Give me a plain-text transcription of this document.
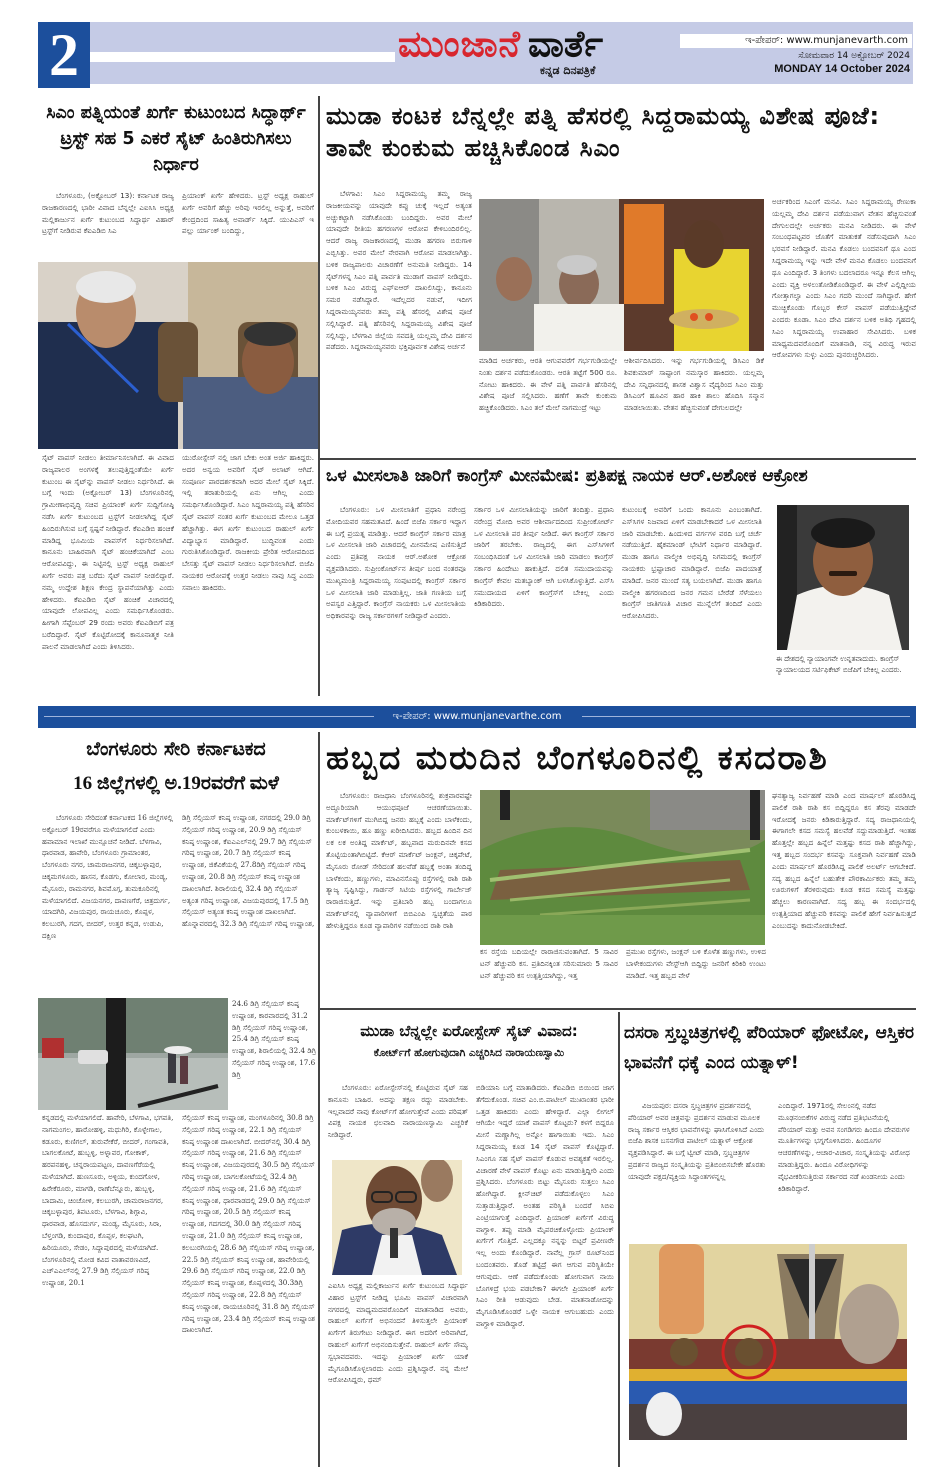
2	ಮುಂಜಾನೆ ವಾರ್ತೆ
ಕನ್ನಡ ದಿನಪತ್ರಿಕೆ
ಇ-ಪೇಪರ್: www.munjanevarth.com
ಸೋಮವಾರ 14 ಅಕ್ಟೋಬರ್ 2024
MONDAY 14 October 2024
ಸಿಎಂ ಪತ್ನಿಯಂತೆ ಖರ್ಗೆ ಕುಟುಂಬದ ಸಿದ್ಧಾರ್ಥ್ ಟ್ರಸ್ಟ್ ಸಹ 5 ಎಕರೆ ಸೈಟ್ ಹಿಂತಿರುಗಿಸಲು ನಿರ್ಧಾರ

ಬೆಂಗಳೂರು, (ಅಕ್ಟೋಬರ್ 13): ಕರ್ನಾಟಕ ರಾಜ್ಯ ರಾಜಕಾರಣದಲ್ಲಿ ಭಾರೀ ವಿವಾದ ಬೆನ್ನಲ್ಲೇ ಎಐಸಿಸಿ ಅಧ್ಯಕ್ಷ ಮಲ್ಲಿಕಾರ್ಜುನ ಖರ್ಗೆ ಕುಟುಂಬದ ಸಿದ್ಧಾರ್ಥ ವಿಹಾರ್ ಟ್ರಸ್ಟ್‌ಗೆ ನೀಡಿರುವ ಕೆಐಎಡಿಬಿ ಸಿಎ

ಪ್ರಿಯಾಂಕ್ ಖರ್ಗೆ ಹೇಳಿದರು. ಟ್ರಸ್ಟ್ ಅಧ್ಯಕ್ಷ ರಾಹುಲ್ ಖರ್ಗೆ ಅವರಿಗೆ ಹೆಚ್ಚು ಅರಿವು ಇರಲಿಲ್ಲ ಅನ್ನುತ್ತೆ, ಅವರಿಗೆ ಕೇಂದ್ರದಿಂದ ಸಾಹಿತ್ಯ ಅವಾರ್ಡ್ ಸಿಕ್ಕಿದೆ. ಯುಪಿಎಸ್ ಇ ಪಲ್ಲು ರ್ಯಾಂಕ್ ಬಂದಿದ್ದು,

ಸೈಟ್ ವಾಪಸ್ ನೀಡಲು ತೀರ್ಮಾನಿಸಲಾಗಿದೆ. ಈ ವಿವಾದ ರಾಜ್ಯಪಾಲರ ಅಂಗಳಕ್ಕೆ ತಲುಪುತ್ತಿದ್ದಂತೆಯೇ ಖರ್ಗೆ ಕುಟುಂಬ ಈ ಸೈಟ್‌ನ್ನು ವಾಪಸ್ ನೀಡಲು ನಿರ್ಧರಿಸಿದೆ. ಈ ಬಗ್ಗೆ ಇಂದು (ಅಕ್ಟೋಬರ್ 13) ಬೆಂಗಳೂರಿನಲ್ಲಿ ಗ್ರಾಮೀಣಾಭಿವೃದ್ಧಿ ಸಚಿವ ಪ್ರಿಯಾಂಕ್ ಖರ್ಗೆ ಸುದ್ದಿಗೋಷ್ಠಿ ನಡೆಸಿ ಖರ್ಗೆ ಕುಟುಂಬದ ಟ್ರಸ್ಟ್‌ಗೆ ನೀಡಲಾಗಿದ್ದ ಸೈಟ್ ಹಿಂದಿರುಗಿಸುವ ಬಗ್ಗೆ ಸ್ಪಷ್ಟನೆ ನೀಡಿದ್ದಾರೆ. ಕೆಐಎಡಿಬಿ ಹಂಚಿಕೆ ಮಾಡಿದ್ದ ಭೂಮಿಯ ವಾಪಸ್‌ಗೆ ನಿರ್ಧರಿಸಲಾಗಿದೆ. ಕಾನೂನು ಬಾಹಿರವಾಗಿ ಸೈಟ್ ಹಂಚಿಕೆಯಾಗಿದೆ ಎಂಬ ಆರೋಪವಿದ್ದು, ಈ ನಿಟ್ಟಿನಲ್ಲಿ ಟ್ರಸ್ಟ್ ಅಧ್ಯಕ್ಷ ರಾಹುಲ್ ಖರ್ಗೆ ಅವರು ಪತ್ರ ಬರೆದು ಸೈಟ್ ವಾಪಸ್ ನೀಡಲಿದ್ದಾರೆ. ನಮ್ಮ ಉದ್ದೇಶ ಶಿಕ್ಷಣ ಕೇಂದ್ರ ಸ್ಥಾಪನೆಯಾಗಿತ್ತು ಎಂದು ಹೇಳಿದರು. ಕೆಐಎಡಿಬಿ ಸೈಟ್ ಹಂಚಿಕೆ ವಿಚಾರದಲ್ಲಿ ಯಾವುದೇ ಲೋಪವಿಲ್ಲ ಎಂದು ಸಮರ್ಥಿಸಿಕೊಂಡರು. ಹೀಗಾಗಿ ಸೆಪ್ಟೆಂಬರ್ 29 ರಂದು ಅವರು ಕೆಐಎಡಿಬಿಗೆ ಪತ್ರ ಬರೆದಿದ್ದಾರೆ. ಸೈಟ್ ಕೊಟ್ಟಿರೋದಕ್ಕೆ ಕಾನೂನಾತ್ಮಕ ನೀತಿ ಪಾಲನೆ ಮಾಡಲಾಗಿದೆ ಎಂದು ತಿಳಿಸಿದರು.

ಯುರೋಸ್ಪೇಸ್ ನಲ್ಲಿ ಜಾಗ ಬೇಕು ಅಂತ ಅರ್ಜಿ ಹಾಕಿದ್ದರು. ಅದರ ಅನ್ವಯ ಅವರಿಗೆ ಸೈಟ್ ಅಲಾಟ್ ಆಗಿದೆ. ಸಂಪೂರ್ಣ ಪಾರದರ್ಶಕವಾಗಿ ಅದರ ಮೇಲೆ ಸೈಟ್ ಸಿಕ್ಕಿದೆ. ಇಲ್ಲಿ ತರಾತುರಿಯಲ್ಲಿ ಏನು ಆಗಿಲ್ಲ ಎಂದು ಸಮರ್ಥಿಸಿಕೊಂಡಿದ್ದಾರೆ. ಸಿಎಂ ಸಿದ್ದರಾಮಯ್ಯ ಪತ್ನಿ ಹೆಸರಿನ ಸೈಟ್ ವಾಪಸ್ ನಂತರ ಖರ್ಗೆ ಕುಟುಂಬದ ಮೇಲೂ ಒತ್ತಡ ಹೆಚ್ಚಾಗಿತ್ತು. ಈಗ ಖರ್ಗೆ ಕುಟುಂಬದ ರಾಹುಲ್ ಖರ್ಗೆ ವಿದ್ಯಾಭ್ಯಾಸ ಮಾಡಿದ್ದಾರೆ. ಬುದ್ಧಿವಂತ ಎಂದು ಗುರುತಿಸಿಕೊಂಡಿದ್ದಾರೆ. ರಾಜಕೀಯ ಪ್ರೇರಿತ ಆರೋಪದಿಂದ ಬೇಸತ್ತು ಸೈಟ್ ವಾಪಸ್ ನೀಡಲು ನಿರ್ಧರಿಸಲಾಗಿದೆ. ಬಿಜೆಪಿ ನಾಯಕರ ಆರೋಪಕ್ಕೆ ಉತ್ತರ ನೀಡಲು ನಾವು ಸಿದ್ಧ ಎಂದು ಸವಾಲು ಹಾಕಿದರು.

ಮುಡಾ ಕಂಟಕ ಬೆನ್ನಲ್ಲೇ ಪತ್ನಿ ಹೆಸರಲ್ಲಿ ಸಿದ್ದರಾಮಯ್ಯ ವಿಶೇಷ ಪೂಜೆ: ತಾವೇ ಕುಂಕುಮ ಹಚ್ಚಿಸಿಕೊಂಡ ಸಿಎಂ

ಬೆಳಗಾವಿ: ಸಿಎಂ ಸಿದ್ದರಾಮಯ್ಯ ತಮ್ಮ ರಾಜ್ಯ ರಾಜಕೀಯವನ್ನು ಯಾವುದೇ ಕಪ್ಪು ಚುಕ್ಕೆ ಇಲ್ಲದೆ ಅತ್ಯಂತ ಅಚ್ಚುಕಟ್ಟಾಗಿ ನಡೆಸಿಕೊಂಡು ಬಂದಿದ್ದರು. ಅವರ ಮೇಲೆ ಯಾವುದೇ ರೀತಿಯ ಹಗರಣಗಳ ಆರೋಪ ಕೇಳಿಬಂದಿರಲಿಲ್ಲ. ಆದರೆ ರಾಜ್ಯ ರಾಜಕಾರಣದಲ್ಲಿ ಮುಡಾ ಹಗರಣ ಬಿರುಗಾಳಿ ಎಬ್ಬಿಸಿತ್ತು. ಅವರ ಮೇಲೆ ನೇರವಾಗಿ ಆರೋಪ ಮಾಡಲಾಗಿತ್ತು. ಬಳಿಕ ರಾಜ್ಯಪಾಲರು ವಿಚಾರಣೆಗೆ ಅನುಮತಿ ನೀಡಿದ್ದರು. 14 ಸೈಟ್‌ಗಳನ್ನ ಸಿಎಂ ಪತ್ನಿ ಪಾರ್ವತಿ ಮುಡಾಗೆ ವಾಪಸ್ ನೀಡಿದ್ದರು. ಬಳಿಕ ಸಿಎಂ ವಿರುದ್ಧ ಎಫ್‌ಐಆರ್ ದಾಖಲಿಸಿದ್ದು, ಕಾನೂನು ಸಮರ ನಡೆಸಿದ್ದಾರೆ. ಇದೆಲ್ಲದರ ನಡುವೆ, ಇದೀಗ ಸಿದ್ದರಾಮಯ್ಯನವರು ತಮ್ಮ ಪತ್ನಿ ಹೆಸರಲ್ಲಿ ವಿಶೇಷ ಪೂಜೆ ಸಲ್ಲಿಸಿದ್ದಾರೆ. ಪತ್ನಿ ಹೆಸರಿನಲ್ಲಿ ಸಿದ್ದರಾಮಯ್ಯ ವಿಶೇಷ ಪೂಜೆ ಸಲ್ಲಿಸಿದ್ದು, ಬೆಳಗಾವಿ ಜಿಲ್ಲೆಯ ಸವದತ್ತಿ ಯಲ್ಲಮ್ಮ ದೇವಿ ದರ್ಶನ ಪಡೆದರು. ಸಿದ್ದರಾಮಯ್ಯನವರು ಭಕ್ತಿಪೂರ್ವಕ ವಿಶೇಷ ಅರ್ಚನೆ

ಮಾಡಿದ ಅರ್ಚಕರು, ಆರತಿ ಆಗುವವರೆಗೆ ಗರ್ಭಗುಡಿಯಲ್ಲೇ ನಿಂತು ದರ್ಶನ ಪಡೆದುಕೊಂಡರು. ಆರತಿ ತಟ್ಟೆಗೆ 500 ರೂ. ನೋಟು ಹಾಕಿದರು. ಈ ವೇಳೆ ಪತ್ನಿ ಪಾರ್ವತಿ ಹೆಸರಿನಲ್ಲಿ ವಿಶೇಷ ಪೂಜೆ ಸಲ್ಲಿಸಿದರು. ಹಣೆಗೆ ತಾವೇ ಕುಂಕುಮ ಹಚ್ಚಿಕೊಂಡಿದರು. ಸಿಎಂ ತಲೆ ಮೇಲೆ ನಾಗಮುದ್ರೆ ಇಟ್ಟು

ಆಶೀರ್ವದಿಸಿದರು. ಇನ್ನು ಗರ್ಭಗುಡಿಯಲ್ಲಿ ಡಿಸಿಎಂ ಡಿಕೆ ಶಿವಕುಮಾರ್ ಸಾಷ್ಟಾಂಗ ನಮಸ್ಕಾರ ಹಾಕಿದರು. ಯಲ್ಲಮ್ಮ ದೇವಿ ಸನ್ನಿಧಾನದಲ್ಲಿ ಶಾಸಕ ವಿಶ್ವಾಸ ವೈದ್ಯರಿಂದ ಸಿಎಂ ಮತ್ತು ಡಿಸಿಎಂಗೆ ಹೂವಿನ ಹಾರ ಹಾಕಿ ಶಾಲು ಹೊದಿಸಿ ಸನ್ಮಾನ ಮಾಡಲಾಯಿತು. ವೇತನ ಹೆಚ್ಚಿಸುವಂತೆ ದೇಗುಲದಲ್ಲೇ

ಅರ್ಚಕರಿಂದ ಸಿಎಂಗೆ ಮನವಿ. ಸಿಎಂ ಸಿದ್ದರಾಮಯ್ಯ ರೇಣುಕಾ ಯಲ್ಲಮ್ಮ ದೇವಿ ದರ್ಶನ ಪಡೆಯುವಾಗ ವೇತನ ಹೆಚ್ಚಿಸುವಂತೆ ದೇಗುಲದಲ್ಲೇ ಅರ್ಚಕರು ಮನವಿ ನೀಡಿದರು. ಈ ವೇಳೆ ಸಂಬಂಧಪಟ್ಟವರ ಜೊತೆಗೆ ಮಾತುಕತೆ ನಡೆಸುವುದಾಗಿ ಸಿಎಂ ಭರವಸೆ ನೀಡಿದ್ದಾರೆ. ಮನವಿ ಕೊಡಲು ಬಂದವನಿಗೆ ಥೂ ಎಂದ ಸಿದ್ದರಾಮಯ್ಯ ಇನ್ನು ಇದೇ ವೇಳೆ ಮನವಿ ಕೊಡಲು ಬಂದವನಿಗೆ ಥೂ ಎಂದಿದ್ದಾರೆ. 3 ತಿಂಗಳು ಬದಲಾದರೂ ಇನ್ನೂ ಕೆಲಸ ಆಗಿಲ್ಲ ಎಂದು ವ್ಯಕ್ತಿ ಅಳಲುತೋಡಿಕೊಂಡಿದ್ದಾರೆ. ಈ ವೇಳೆ ಎಲ್ಲಿದ್ದೀಯ ಗೋತ್ತಾಗಲ್ವಾ ಎಂದು ಸಿಎಂ ಗದರಿ ಮುಂದೆ ಸಾಗಿದ್ದಾರೆ. ಹೇಗೆ ಮುಚ್ಚಿಕೊಂಡು ಗೊಬ್ಬರ ಕೇಸ್ ವಾಪಸ್ ಪಡೆಯುತ್ತಿದ್ದೇವೆ ಎಂದರು ಕೂಡಾ. ಸಿಎಂ ದೇವಿ ದರ್ಶನ ಬಳಿಕ ಅತಿಥಿ ಗೃಹದಲ್ಲಿ ಸಿಎಂ ಸಿದ್ದರಾಮಯ್ಯ ಉಪಾಹಾರ ಸೇವಿಸಿದರು. ಬಳಿಕ ಮಾಧ್ಯಮದವರೊಂದಿಗೆ ಮಾತನಾಡಿ, ನನ್ನ ವಿರುದ್ಧ ಇರುವ ಆರೋಪಗಳು ಸುಳ್ಳು ಎಂದು ಪುನರುಚ್ಚರಿಸಿದರು.

ಒಳ ಮೀಸಲಾತಿ ಜಾರಿಗೆ ಕಾಂಗ್ರೆಸ್ ಮೀನಮೇಷ: ಪ್ರತಿಪಕ್ಷ ನಾಯಕ ಆರ್.ಅಶೋಕ ಆಕ್ರೋಶ

ಬೆಂಗಳೂರು: ಒಳ ಮೀಸಲಾತಿಗೆ ಪ್ರಧಾನಿ ನರೇಂದ್ರ ಮೋದಿಯವರ ಸಹಮತವಿದೆ. ಹಿಂದೆ ಬಿಜೆಪಿ ಸರ್ಕಾರ ಇದ್ದಾಗ ಈ ಬಗ್ಗೆ ಪ್ರಯತ್ನ ಮಾಡಿತ್ತು. ಆದರೆ ಕಾಂಗ್ರೆಸ್ ಸರ್ಕಾರ ಮಾತ್ರ ಒಳ ಮೀಸಲಾತಿ ಜಾರಿ ವಿಚಾರದಲ್ಲಿ ಮೀನಮೇಷ ಎಣಿಸುತ್ತಿದೆ ಎಂದು ಪ್ರತಿಪಕ್ಷ ನಾಯಕ ಆರ್.ಅಶೋಕ ಆಕ್ರೋಶ ವ್ಯಕ್ತಪಡಿಸಿದರು. ಸುಪ್ರೀಂಕೋರ್ಟ್‌ನ ತೀರ್ಪು ಬಂದ ನಂತರವೂ ಮುಖ್ಯಮಂತ್ರಿ ಸಿದ್ದರಾಮಯ್ಯ ಸಂಪುಟದಲ್ಲಿ ಕಾಂಗ್ರೆಸ್ ಸರ್ಕಾರ ಒಳ ಮೀಸಲಾತಿ ಜಾರಿ ಮಾಡುತ್ತಿಲ್ಲ. ಜಾತಿ ಗಣತಿಯ ಬಗ್ಗೆ ಅಪಸ್ವರ ಎತ್ತಿದ್ದಾರೆ. ಕಾಂಗ್ರೆಸ್ ನಾಯಕರು ಒಳ ಮೀಸಲಾತಿಯ ಅಧಿಕಾರವನ್ನು ರಾಜ್ಯ ಸರ್ಕಾರಗಳಿಗೆ ನೀಡಿದ್ದಾರೆ ಎಂದರು.

ಸರ್ಕಾರ ಒಳ ಮೀಸಲಾತಿಯನ್ನು ಜಾರಿಗೆ ತಂದಿತ್ತು. ಪ್ರಧಾನಿ ನರೇಂದ್ರ ಮೋದಿ ಅವರ ಆಶೀರ್ವಾದದಿಂದ ಸುಪ್ರೀಂಕೋರ್ಟ್ ಒಳ ಮೀಸಲಾತಿ ಪರ ತೀರ್ಪು ನೀಡಿದೆ. ಈಗ ಕಾಂಗ್ರೆಸ್ ಸರ್ಕಾರ ಜಾರಿಗೆ ತರಬೇಕು. ರಾಜ್ಯದಲ್ಲಿ ಈಗ ಎಸ್‌ಸಿಗಳಿಗೆ ಸಂಬಂಧಿಸಿದಂತೆ ಒಳ ಮೀಸಲಾತಿ ಜಾರಿ ಮಾಡಲು ಕಾಂಗ್ರೆಸ್ ಸರ್ಕಾರ ಹಿಂದೇಟು ಹಾಕುತ್ತಿದೆ. ದಲಿತ ಸಮುದಾಯವನ್ನು ಕಾಂಗ್ರೆಸ್ ಕೇವಲ ಮತಬ್ಯಾಂಕ್ ಆಗಿ ಬಳಸಿಕೊಳ್ಳುತ್ತಿದೆ. ಎಸ್‌ಸಿ ಸಮುದಾಯದ ಏಳಿಗೆ ಕಾಂಗ್ರೆಸ್‌ಗೆ ಬೇಕಿಲ್ಲ ಎಂದು ಕಿಡಿಕಾರಿದರು.

ಕುಟುಂಬಕ್ಕೆ ಅವರಿಗೆ ಒಂದು ಕಾನೂನು ಎಂಬಂತಾಗಿದೆ. ಎಸ್‌ಸಿಗಳ ನಿಜವಾದ ಏಳಿಗೆ ಮಾಡಬೇಕಾದರೆ ಒಳ ಮೀಸಲಾತಿ ಜಾರಿ ಮಾಡಬೇಕು. ಹಿಂದುಳಿದ ವರ್ಗಗಳ ವರದಿ ಬಗ್ಗೆ ಚರ್ಚೆ ನಡೆಯುತ್ತಿದೆ. ಹೈಕಮಾಂಡ್ ಭೇಟಿಗೆ ನಿರ್ಧಾರ ಮಾಡಿದ್ದಾರೆ. ಮುಡಾ ಹಾಗೂ ವಾಲ್ಮೀಕಿ ಅಭಿವೃದ್ಧಿ ನಿಗಮದಲ್ಲಿ ಕಾಂಗ್ರೆಸ್ ನಾಯಕರು ಭ್ರಷ್ಟಾಚಾರ ಮಾಡಿದ್ದಾರೆ. ಬಿಜೆಪಿ ಪಾದಯಾತ್ರೆ ಮಾಡಿದೆ. ಜನರ ಮುಂದೆ ಸತ್ಯ ಬಯಲಾಗಿದೆ. ಮುಡಾ ಹಾಗೂ ವಾಲ್ಮೀಕಿ ಹಗರಣದಿಂದ ಜನರ ಗಮನ ಬೇರೆಡೆ ಸೆಳೆಯಲು ಕಾಂಗ್ರೆಸ್ ಜಾತಿಗಣತಿ ವಿಚಾರ ಮುನ್ನೆಲೆಗೆ ತಂದಿದೆ ಎಂದು ಆರೋಪಿಸಿದರು.

ಈ ದೇಶದಲ್ಲಿ ನ್ಯಾಯಾಂಗವೇ ಉನ್ನತವಾದುದು. ಕಾಂಗ್ರೆಸ್ ನ್ಯಾಯಾಲಯದ ಸರ್ಟಿಫಿಕೇಟ್ ಬಿಜೆಪಿಗೆ ಬೇಕಿಲ್ಲ ಎಂದರು.
ಇ-ಪೇಪರ್: www.munjanevarthe.com
ಬೆಂಗಳೂರು ಸೇರಿ ಕರ್ನಾಟಕದ
16 ಜಿಲ್ಲೆಗಳಲ್ಲಿ ಅ.19ರವರೆಗೆ ಮಳೆ

ಬೆಂಗಳೂರು ಸೇರಿದಂತೆ ಕರ್ನಾಟಕದ 16 ಜಿಲ್ಲೆಗಳಲ್ಲಿ ಅಕ್ಟೋಬರ್ 19ರವರೆಗೂ ಮಳೆಯಾಗಲಿದೆ ಎಂದು ಹವಾಮಾನ ಇಲಾಖೆ ಮುನ್ಸೂಚನೆ ನೀಡಿದೆ. ಬೆಳಗಾವಿ, ಧಾರವಾಡ, ಹಾವೇರಿ, ಬೆಂಗಳೂರು ಗ್ರಾಮಾಂತರ, ಬೆಂಗಳೂರು ನಗರ, ಚಾಮರಾಜನಗರ, ಚಿಕ್ಕಬಳ್ಳಾಪುರ, ಚಿಕ್ಕಮಗಳೂರು, ಹಾಸನ, ಕೊಡಗು, ಕೋಲಾರ, ಮಂಡ್ಯ, ಮೈಸೂರು, ರಾಮನಗರ, ಶಿವಮೊಗ್ಗ, ತುಮಕೂರಿನಲ್ಲಿ ಮಳೆಯಾಗಲಿದೆ. ವಿಜಯನಗರ, ದಾವಣಗೆರೆ, ಚಿತ್ರದುರ್ಗ, ಯಾದಗಿರಿ, ವಿಜಯಪುರ, ರಾಯಚೂರು, ಕೊಪ್ಪಳ, ಕಲಬುರಗಿ, ಗದಗ, ಬೀದರ್, ಉತ್ತರ ಕನ್ನಡ, ಉಡುಪಿ, ದಕ್ಷಿಣ

ಡಿಗ್ರಿ ಸೆಲ್ಸಿಯಸ್ ಕನಿಷ್ಠ ಉಷ್ಣಾಂಶ, ನಗರದಲ್ಲಿ 29.0 ಡಿಗ್ರಿ ಸೆಲ್ಸಿಯಸ್ ಗರಿಷ್ಠ ಉಷ್ಣಾಂಶ, 20.9 ಡಿಗ್ರಿ ಸೆಲ್ಸಿಯಸ್ ಕನಿಷ್ಠ ಉಷ್ಣಾಂಶ, ಕೆಐಎಎಲ್‌ನಲ್ಲಿ 29.7 ಡಿಗ್ರಿ ಸೆಲ್ಸಿಯಸ್ ಗರಿಷ್ಠ ಉಷ್ಣಾಂಶ, 20.7 ಡಿಗ್ರಿ ಸೆಲ್ಸಿಯಸ್ ಕನಿಷ್ಠ ಉಷ್ಣಾಂಶ, ಜಿಕೆವಿಕೆಯಲ್ಲಿ 27.8ಡಿಗ್ರಿ ಸೆಲ್ಸಿಯಸ್ ಗರಿಷ್ಠ ಉಷ್ಣಾಂಶ, 20.8 ಡಿಗ್ರಿ ಸೆಲ್ಸಿಯಸ್ ಕನಿಷ್ಠ ಉಷ್ಣಾಂಶ ದಾಖಲಾಗಿದೆ. ಶಿರಾಲಿಯಲ್ಲಿ 32.4 ಡಿಗ್ರಿ ಸೆಲ್ಸಿಯಸ್ ಅತ್ಯಂತ ಗರಿಷ್ಠ ಉಷ್ಣಾಂಶ, ವಿಜಯಪುರದಲ್ಲಿ 17.5 ಡಿಗ್ರಿ ಸೆಲ್ಸಿಯಸ್ ಅತ್ಯಂತ ಕನಿಷ್ಠ ಉಷ್ಣಾಂಶ ದಾಖಲಾಗಿದೆ. ಹೊನ್ನಾವರದಲ್ಲಿ 32.3 ಡಿಗ್ರಿ ಸೆಲ್ಸಿಯಸ್ ಗರಿಷ್ಠ ಉಷ್ಣಾಂಶ,

24.6 ಡಿಗ್ರಿ ಸೆಲ್ಸಿಯಸ್ ಕನಿಷ್ಠ ಉಷ್ಣಾಂಶ, ಕಾರವಾರದಲ್ಲಿ 31.2 ಡಿಗ್ರಿ ಸೆಲ್ಸಿಯಸ್ ಗರಿಷ್ಠ ಉಷ್ಣಾಂಶ, 25.4 ಡಿಗ್ರಿ ಸೆಲ್ಸಿಯಸ್ ಕನಿಷ್ಠ ಉಷ್ಣಾಂಶ, ಶಿರಾಲಿಯಲ್ಲಿ 32.4 ಡಿಗ್ರಿ ಸೆಲ್ಸಿಯಸ್ ಗರಿಷ್ಠ ಉಷ್ಣಾಂಶ, 17.6 ಡಿಗ್ರಿ

ಕನ್ನಡದಲ್ಲಿ ಮಳೆಯಾಗಲಿದೆ. ಹಾವೇರಿ, ಬೆಳಗಾವಿ, ಭಗವತಿ, ನಾಗಮಂಗಲ, ಹಾರೋಹಳ್ಳಿ, ಮಧುಗಿರಿ, ಕೊಳ್ಳೇಗಾಲ, ಕಡೂರು, ಕುಣಿಗಲ್, ತುರುವೇಕೆರೆ, ಬೀದರ್, ಗಂಗಾವತಿ, ಬಾಗಲಕೋಟೆ, ಹುಬ್ಬಳ್ಳಿ, ಅಳ್ನಾವರ, ಗೋಕಾಕ್, ಹರಪನಹಳ್ಳಿ, ಚನ್ನರಾಯಪಟ್ಟಣ, ದಾವಣಗೆರೆಯಲ್ಲಿ ಮಳೆಯಾಗಿದೆ. ಹುಣಸೂರು, ಅಳ್ಳಿಯ, ಕುಂದಗೋಳ, ಹಿರೇಕೆರೂರು, ಮಾಗಡಿ, ರಾಣೆಬೆನ್ನೂರು, ಹುಬ್ಬಳ್ಳಿ, ಬಾದಾಮಿ, ಚಿಂಚೋಳಿ, ಕಲಬುರಗಿ, ಚಾಮರಾಜನಗರ, ಚಿಕ್ಕಬಳ್ಳಾಪುರ, ತಿಪಟೂರು, ಬೆಳಗಾವಿ, ಶಿಗ್ಗಾವಿ, ಧಾರವಾಡ, ಹೊಸದುರ್ಗ, ಮಂಡ್ಯ, ಮೈಸೂರು, ಸಿರಾ, ಬೆಳ್ತಂಗಡಿ, ಕುಂದಾಪುರ, ಕೊಪ್ಪಳ, ಕಲಘಟಗಿ, ಹಿರಿಯೂರು, ಸೇಡಂ, ಸಿದ್ದಾಪುರದಲ್ಲಿ ಮಳೆಯಾಗಿದೆ. ಬೆಂಗಳೂರಿನಲ್ಲಿ ಮೋಡ ಕವಿದ ವಾತಾವರಣವಿದೆ, ಎಚ್‌ಎಎಲ್‌ನಲ್ಲಿ 27.9 ಡಿಗ್ರಿ ಸೆಲ್ಸಿಯಸ್ ಗರಿಷ್ಠ ಉಷ್ಣಾಂಶ, 20.1

ಸೆಲ್ಸಿಯಸ್ ಕನಿಷ್ಠ ಉಷ್ಣಾಂಶ, ಮಂಗಳೂರಿನಲ್ಲಿ 30.8 ಡಿಗ್ರಿ ಸೆಲ್ಸಿಯಸ್ ಗರಿಷ್ಠ ಉಷ್ಣಾಂಶ, 22.1 ಡಿಗ್ರಿ ಸೆಲ್ಸಿಯಸ್ ಕನಿಷ್ಠ ಉಷ್ಣಾಂಶ ದಾಖಲಾಗಿದೆ. ಬೀದರ್‌ನಲ್ಲಿ 30.4 ಡಿಗ್ರಿ ಸೆಲ್ಸಿಯಸ್ ಗರಿಷ್ಠ ಉಷ್ಣಾಂಶ, 21.6 ಡಿಗ್ರಿ ಸೆಲ್ಸಿಯಸ್ ಕನಿಷ್ಠ ಉಷ್ಣಾಂಶ, ವಿಜಯಪುರದಲ್ಲಿ 30.5 ಡಿಗ್ರಿ ಸೆಲ್ಸಿಯಸ್ ಗರಿಷ್ಠ ಉಷ್ಣಾಂಶ, ಬಾಗಲಕೋಟೆಯಲ್ಲಿ 32.4 ಡಿಗ್ರಿ ಸೆಲ್ಸಿಯಸ್ ಗರಿಷ್ಠ ಉಷ್ಣಾಂಶ, 21.6 ಡಿಗ್ರಿ ಸೆಲ್ಸಿಯಸ್ ಕನಿಷ್ಠ ಉಷ್ಣಾಂಶ, ಧಾರವಾಡದಲ್ಲಿ 29.0 ಡಿಗ್ರಿ ಸೆಲ್ಸಿಯಸ್ ಗರಿಷ್ಠ ಉಷ್ಣಾಂಶ, 20.5 ಡಿಗ್ರಿ ಸೆಲ್ಸಿಯಸ್ ಕನಿಷ್ಠ ಉಷ್ಣಾಂಶ, ಗದಗದಲ್ಲಿ 30.0 ಡಿಗ್ರಿ ಸೆಲ್ಸಿಯಸ್ ಗರಿಷ್ಠ ಉಷ್ಣಾಂಶ, 21.0 ಡಿಗ್ರಿ ಸೆಲ್ಸಿಯಸ್ ಕನಿಷ್ಠ ಉಷ್ಣಾಂಶ, ಕಲಬುರಗಿಯಲ್ಲಿ 28.6 ಡಿಗ್ರಿ ಸೆಲ್ಸಿಯಸ್ ಗರಿಷ್ಠ ಉಷ್ಣಾಂಶ, 22.5 ಡಿಗ್ರಿ ಸೆಲ್ಸಿಯಸ್ ಕನಿಷ್ಠ ಉಷ್ಣಾಂಶ, ಹಾವೇರಿಯಲ್ಲಿ 29.6 ಡಿಗ್ರಿ ಸೆಲ್ಸಿಯಸ್ ಗರಿಷ್ಠ ಉಷ್ಣಾಂಶ, 22.0 ಡಿಗ್ರಿ ಸೆಲ್ಸಿಯಸ್ ಕನಿಷ್ಠ ಉಷ್ಣಾಂಶ, ಕೊಪ್ಪಳದಲ್ಲಿ 30.3ಡಿಗ್ರಿ ಸೆಲ್ಸಿಯಸ್ ಗರಿಷ್ಠ ಉಷ್ಣಾಂಶ, 22.8 ಡಿಗ್ರಿ ಸೆಲ್ಸಿಯಸ್ ಕನಿಷ್ಠ ಉಷ್ಣಾಂಶ, ರಾಯಚೂರಿನಲ್ಲಿ 31.8 ಡಿಗ್ರಿ ಸೆಲ್ಸಿಯಸ್ ಗರಿಷ್ಠ ಉಷ್ಣಾಂಶ, 23.4 ಡಿಗ್ರಿ ಸೆಲ್ಸಿಯಸ್ ಕನಿಷ್ಠ ಉಷ್ಣಾಂಶ ದಾಖಲಾಗಿದೆ.

ಹಬ್ಬದ ಮರುದಿನ ಬೆಂಗಳೂರಿನಲ್ಲಿ ಕಸದರಾಶಿ

ಬೆಂಗಳೂರು: ರಾಜಧಾನಿ ಬೆಂಗಳೂರಿನಲ್ಲಿ ಶುಕ್ರವಾರವಷ್ಟೇ ಅದ್ದೂರಿಯಾಗಿ ಆಯುಧಪೂಜೆ ಆಚರಣೆಯಾಯಿತು. ಮಾರ್ಕೆಟ್‌ಗಳಿಗೆ ಮುಗಿಬಿದ್ದ ಜನರು ಹಬ್ಬಕ್ಕೆ ಎಂದು ಬಾಳೆಕಂದು, ಕುಂಬಳಕಾಯಿ, ಹೂ ಹಣ್ಣು ಖರೀದಿಸಿದರು. ಹಬ್ಬದ ಹಿಂದಿನ ದಿನ ಲಕ ಲಕ ಅಂತಿದ್ದ ಮಾರ್ಕೆಟ್, ಹಬ್ಬವಾದ ಮರುದಿನವೇ ಕಸದ ತೊಟ್ಟಿಯಂತಾಗಿಬಿಟ್ಟಿದೆ. ಕೆಆರ್ ಮಾರ್ಕೆಟ್ ಜಂಕ್ಷನ್, ಚಿಕ್ಕಪೇಟೆ, ಮೈಸೂರು ರೋಡ್ ಸೇರಿದಂತೆ ಹಲವೆಡೆ ಹಬ್ಬಕ್ಕೆ ಅಂತಾ ತಂದಿದ್ದ ಬಾಳೆಕಂದು, ಹಣ್ಣುಗಳು, ಮಾವಿನಸೊಪ್ಪು ರಸ್ತೆಗಳಲ್ಲಿ ರಾಶಿ ರಾಶಿ ತ್ಯಾಜ್ಯ ಸೃಷ್ಟಿಸಿದ್ದು, ಗಾರ್ಡನ್ ಸಿಟಿಯ ರಸ್ತೆಗಳಲ್ಲಿ ಗಾರ್ಬೇಜ್ ರಾರಾಜಿಸುತ್ತಿದೆ. ಇನ್ನು ಪ್ರತಿಬಾರಿ ಹಬ್ಬ ಬಂದಾಗಲೂ ಮಾರ್ಕೆಟ್‌ನಲ್ಲಿ ವ್ಯಾಪಾರಿಗಳಿಗೆ ಬಿಬಿಎಂಪಿ ಸ್ವಚ್ಛತೆಯ ಪಾಠ ಹೇಳುತ್ತಿದ್ದರೂ ಕೂಡ ವ್ಯಾಪಾರಿಗಳ ನಡೆಯಿಂದ ರಾಶಿ ರಾಶಿ

ಕಸ ರಸ್ತೆಯ ಬದಿಯಲ್ಲೇ ರಾರಾಜಿಸುವಂತಾಗಿದೆ. 5 ಸಾವಿರ ಟನ್ ಹೆಚ್ಚುವರಿ ಕಸ. ಪ್ರತಿದಿನಕ್ಕಿಂತ ಸರಿಸುಮಾರು 5 ಸಾವಿರ ಟನ್ ಹೆಚ್ಚುವರಿ ಕಸ ಉತ್ಪತ್ತಿಯಾಗಿದ್ದು, ಇತ್ತ

ಪ್ರಮುಖ ರಸ್ತೆಗಳು, ಜಂಕ್ಷನ್ ಬಳಿ ಕೊಳೆತ ಹಣ್ಣುಗಳು, ಉಳಿದ ಬಾಳೇಕಂದುಗಳು ವೇಸ್ಟ್‌ಆಗಿ ಬಿದ್ದಿದ್ದು ಜನರಿಗೆ ಕಿರಿಕಿರಿ ಉಂಟು ಮಾಡಿದೆ. ಇತ್ತ ಹಬ್ಬದ ವೇಳೆ

ಘನತ್ಯಾಜ್ಯ ನಿರ್ವಹಣೆ ಮಾಡಿ ಎಂದ ಮಾರ್ಷಲ್ ಹೊರಡಿಸಿದ್ದ ಪಾಲಿಕೆ ರಾಶಿ ರಾಶಿ ಕಸ ಬಿದ್ದಿದ್ದರೂ ಕಸ ತೆರವು ಮಾಡದೇ ಇರೋದಕ್ಕೆ ಜನರು ಕಿಡಿಕಾರುತ್ತಿದ್ದಾರೆ. ಸದ್ಯ ರಾಜಧಾನಿಯಲ್ಲಿ ಈಗಾಗಲೇ ಕಸದ ಸಮಸ್ಯೆ ಹಲವೆಡೆ ಸದ್ದುಮಾಡುತ್ತಿದೆ. ಇಂತಹ ಹೊತ್ತಲ್ಲೇ ಹಬ್ಬದ ಹಿನ್ನೆಲೆ ಮತ್ತಷ್ಟು ಕಸದ ರಾಶಿ ಹೆಚ್ಚಾಗಿದ್ದು, ಇತ್ತ ಹಬ್ಬದ ಸಂದರ್ಭ ಕಸವನ್ನು ಸೂಕ್ತವಾಗಿ ನಿರ್ವಹಣೆ ಮಾಡಿ ಎಂದು ಮಾರ್ಷಲ್ ಹೊರಡಿಸಿದ್ದ ಪಾಲಿಕೆ ಅಲರ್ಟ್ ಆಗಬೇಕಿದೆ. ಸದ್ಯ ಹಬ್ಬದ ಹಿನ್ನೆಲೆ ಬಹುತೇಕ ಪೌರಕಾರ್ಮಿಕರು ತಮ್ಮ ತಮ್ಮ ಊರುಗಳಿಗೆ ತೆರಳಿರುವುದು ಕೂಡ ಕಸದ ಸಮಸ್ಯೆ ಮತ್ತಷ್ಟು ಹೆಚ್ಚಲು ಕಾರಣವಾಗಿದೆ. ಸದ್ಯ ಹಬ್ಬ ಈ ಸಂದರ್ಭದಲ್ಲಿ ಉತ್ಪತ್ತಿಯಾದ ಹೆಚ್ಚುವರಿ ಕಸವನ್ನು ಪಾಲಿಕೆ ಹೇಗೆ ನಿರ್ವಹಿಸುತ್ತದೆ ಎಂಬುದನ್ನು ಕಾದುನೋಡಬೇಕಿದೆ.

ಮುಡಾ ಬೆನ್ನಲ್ಲೇ ಏರೋಸ್ಪೇಸ್ ಸೈಟ್ ವಿವಾದ:
ಕೋರ್ಟ್‌ಗೆ ಹೋಗುವುದಾಗಿ ಎಚ್ಚರಿಸಿದ ನಾರಾಯಣಸ್ವಾಮಿ

ಬೆಂಗಳೂರು: ಏರೋಸ್ಪೇಸ್‌ನಲ್ಲಿ ಕೊಟ್ಟಿರುವ ಸೈಟ್ ಸಹ ಕಾನೂನು ಬಾಹಿರ. ಅದನ್ನು ತಕ್ಷಣ ರದ್ದು ಮಾಡಬೇಕು. ಇಲ್ಲವಾದರೆ ನಾವು ಕೋರ್ಟ್‌ಗೆ ಹೋಗುತ್ತೇವೆ ಎಂದು ಪರಿಷತ್ ವಿಪಕ್ಷ ನಾಯಕ ಛಲವಾದಿ ನಾರಾಯಣಸ್ವಾಮಿ ಎಚ್ಚರಿಕೆ ನೀಡಿದ್ದಾರೆ.

ಎಐಸಿಸಿ ಅಧ್ಯಕ್ಷ ಮಲ್ಲಿಕಾರ್ಜುನ ಖರ್ಗೆ ಕುಟುಂಬದ ಸಿದ್ಧಾರ್ಥ ವಿಹಾರ ಟ್ರಸ್ಟ್‌ಗೆ ನೀಡಿದ್ದ ಭೂಮಿ ವಾಪಸ್ ವಿಚಾರವಾಗಿ ನಗರದಲ್ಲಿ ಮಾಧ್ಯಮದವರೊಂದಿಗೆ ಮಾತನಾಡಿದ ಅವರು, ರಾಹುಲ್ ಖರ್ಗೆಗೆ ಅಭಿನಂದನೆ ತಿಳಿಸುತ್ತಲೇ ಪ್ರಿಯಾಂಕ್ ಖರ್ಗೆಗೆ ತಿರುಗೇಟು ನೀಡಿದ್ದಾರೆ. ಈಗ ಅದರಿಗೆ ಅರಿವಾಗಿದೆ, ರಾಹುಲ್ ಖರ್ಗೆಗೆ ಅಭಿನಂದಿಸುತ್ತೇನೆ. ರಾಹುಲ್ ಖರ್ಗೆ ಸೌಮ್ಯ ಸ್ವಭಾವದವರು. ಇದನ್ನು ಪ್ರಿಯಾಂಕ್ ಖರ್ಗೆ ಯಾಕೆ ಮೈಗೂಡಿಸಿಕೊಳ್ಳಲಾರದು ಎಂದು ಪ್ರಶ್ನಿಸಿದ್ದಾರೆ. ನನ್ನ ಮೇಲೆ ಆರೋಪಿಸಿದ್ದರು, ಧಮ್

ಬಿಡಿಯಾನಿ ಬಗ್ಗೆ ಮಾತಾಡಿದರು. ಕೆಐಎಡಿಬಿ ಬಿಯಿಂದ ಜಾಗ ತೆಗೆದುಕೊಂಡ. ಸಚಿವ ಎಂ.ಬಿ.ಪಾಟೀಲ್ ಮುಖಾಂತರ ಭಾರೀ ಒತ್ತಡ ಹಾಕಿದರು ಎಂದು ಹೇಳಿದ್ದಾರೆ. ಎಲ್ಲಾ ಲೀಗಲ್ ಆಗಿಯೇ ಇದ್ದರೆ ಯಾಕೆ ವಾಪಸ್ ಕೊಟ್ಟರು? ಕಳಗೆ ಬಿದ್ದರೂ ಮೀಸೆ ಮಣ್ಣಾಗಿಲ್ಲ ಅನ್ನೋ ಹಾಗಾಯಿತು ಇದು. ಸಿಎಂ ಸಿದ್ದರಾಮಯ್ಯ ಕೂಡ 14 ಸೈಟ್ ವಾಪಸ್ ಕೊಟ್ಟಿದ್ದಾರೆ. ಸಿಎಂಗೂ ಸಹ ಸೈಟ್ ವಾಪಸ್ ಕೊಡುವ ಅವಶ್ಯಕತೆ ಇರಲಿಲ್ಲ. ವಿಚಾರಣೆ ವೇಳೆ ವಾಪಸ್ ಕೊಟ್ಟು ಏನು ಮಾಡುತ್ತಿದ್ದೀರಿ ಎಂದು ಪ್ರಶ್ನಿಸಿದರು. ಬೆಂಗಳೂರು ಬಿಟ್ಟು ಮೈಸೂರು ಸುತ್ತಲು ಸಿಎಂ ಹೋಗಿದ್ದಾರೆ. ಕ್ಲೀನ್‌ಚಿಟ್ ಪಡೆದುಕೊಳ್ಳಲು ಸಿಎಂ ಸುತ್ತಾಡುತ್ತಿದ್ದಾರೆ. ಅಂತಹ ಪರಿಸ್ಥಿತಿ ಬಂದರೆ ಸಿಬಿಐ ಎಂಟ್ರಿಯಾಗುತ್ತೆ ಎಂದಿದ್ದಾರೆ. ಪ್ರಿಯಾಂಕ್ ಖರ್ಗೆಗೆ ವಿರುದ್ಧ ವಾಗ್ದಾಳಿ. ತಪ್ಪು ಮಾಡಿ ಮೈಪರಚಿಕೊಳ್ಳೋದು ಪ್ರಿಯಾಂಕ್ ಖರ್ಗೆಗೆ ಗೊತ್ತಿದೆ. ಎಲ್ಲದಕ್ಕೂ ನನ್ನನ್ನು ಬಿಟ್ಟರೆ ಪ್ರವೀಣರೇ ಇಲ್ಲ ಅಂದು ಕೊಂಡಿದ್ದಾರೆ. ನಾವೆಲ್ಲ ಗ್ರಾಸ್ ರೂಟ್‌ನಿಂದ ಬಂದಂತವರು. ತೊಡೆ ತಟ್ಟಿದ್ರೆ ಈಗ ಆಗುವ ಪರಿಸ್ಥಿತಿಯೇ ಆಗುವುದು. ಆಣೆ ಪಡೆದುಕೊಂಡು ಹೋಗುವಾಗ ನಾಯಿ ಬೊಗಳಿದ್ರೆ ಭಯ ಪಡಬೇಕಾ? ಈಗಲೇ ಪ್ರಿಯಾಂಕ್ ಖರ್ಗೆ ಸಿಎಂ ರೀತಿ ಆಡುವುದು ಬೇಡ. ಮಾತನಾಡೋದನ್ನು ಮೈಗೂಡಿಸಿಕೊಂಡರೆ ಒಳ್ಳೇ ನಾಯಕ ಆಗುಬಹುದು ಎಂದು ವಾಗ್ದಾಳಿ ಮಾಡಿದ್ದಾರೆ.

ದಸರಾ ಸ್ತಬ್ಧಚಿತ್ರಗಳಲ್ಲಿ ಪೆರಿಯಾರ್ ಫೋಟೋ, ಆಸ್ತಿಕರ ಭಾವನೆಗೆ ಧಕ್ಕೆ ಎಂದ ಯತ್ನಾಳ್!

ವಿಜಯಪುರ: ದಸರಾ ಸ್ತಬ್ಧಚಿತ್ರಗಳ ಪ್ರದರ್ಶನದಲ್ಲಿ ಪೆರಿಯಾರ್ ಅವರ ಚಿತ್ರವನ್ನು ಪ್ರದರ್ಶನ ಮಾಡುವ ಮೂಲಕ ರಾಜ್ಯ ಸರ್ಕಾರ ಆಸ್ತಿಕರ ಭಾವನೆಗಳನ್ನು ಘಾಸಿಗೊಳಿಸಿದೆ ಎಂದು ಬಿಜೆಪಿ ಶಾಸಕ ಬಸನಗೌಡ ಪಾಟೀಲ್ ಯತ್ನಾಳ್ ಆಕ್ರೋಶ ವ್ಯಕ್ತಪಡಿಸಿದ್ದಾರೆ. ಈ ಬಗ್ಗೆ ಟ್ವೀಟ್ ಮಾಡಿ, ಸ್ತಬ್ಧಚಿತ್ರಗಳ ಪ್ರದರ್ಶನ ರಾಜ್ಯದ ಸಂಸ್ಕೃತಿಯನ್ನು ಪ್ರತಿಬಿಂಬಿಸಬೇಕೇ ಹೊರತು ಯಾವುದೇ ಪಕ್ಷದ/ವ್ಯಕ್ತಿಯ ಸಿದ್ಧಾಂತಗಳನ್ನಲ್ಲ

ಎಂದಿದ್ದಾರೆ. 1971ರಲ್ಲಿ ಸೇಲಂನಲ್ಲಿ ನಡೆದ ಮೂಢನಂಬಿಕೆಗಳ ವಿರುದ್ಧ ನಡೆದ ಪ್ರತಿಭಟನೆಯಲ್ಲಿ ಪೆರಿಯಾರ್ ಮತ್ತು ಅವನ ಸಂಗಡಿಗರು ಹಿಂದೂ ದೇವರುಗಳ ಮೂರ್ತಿಗಳನ್ನು ಭಗ್ನಗೊಳಿಸಿದರು. ಹಿಂದೂಗಳ ಆಚರಣೆಗಳನ್ನು, ಆಚಾರ-ವಿಚಾರ, ಸಂಸ್ಕೃತಿಯನ್ನು ವಿರೋಧ ಮಾಡುತ್ತಿದ್ದರು. ಹಿಂದೂ ವಿರೋಧಿಗಳನ್ನು ವೈಭವೀಕರಿಸುತ್ತಿರುವ ಸರ್ಕಾರದ ನಡೆ ಖಂಡನೀಯ ಎಂದು ಕಿಡಿಕಾರಿದ್ದಾರೆ.
